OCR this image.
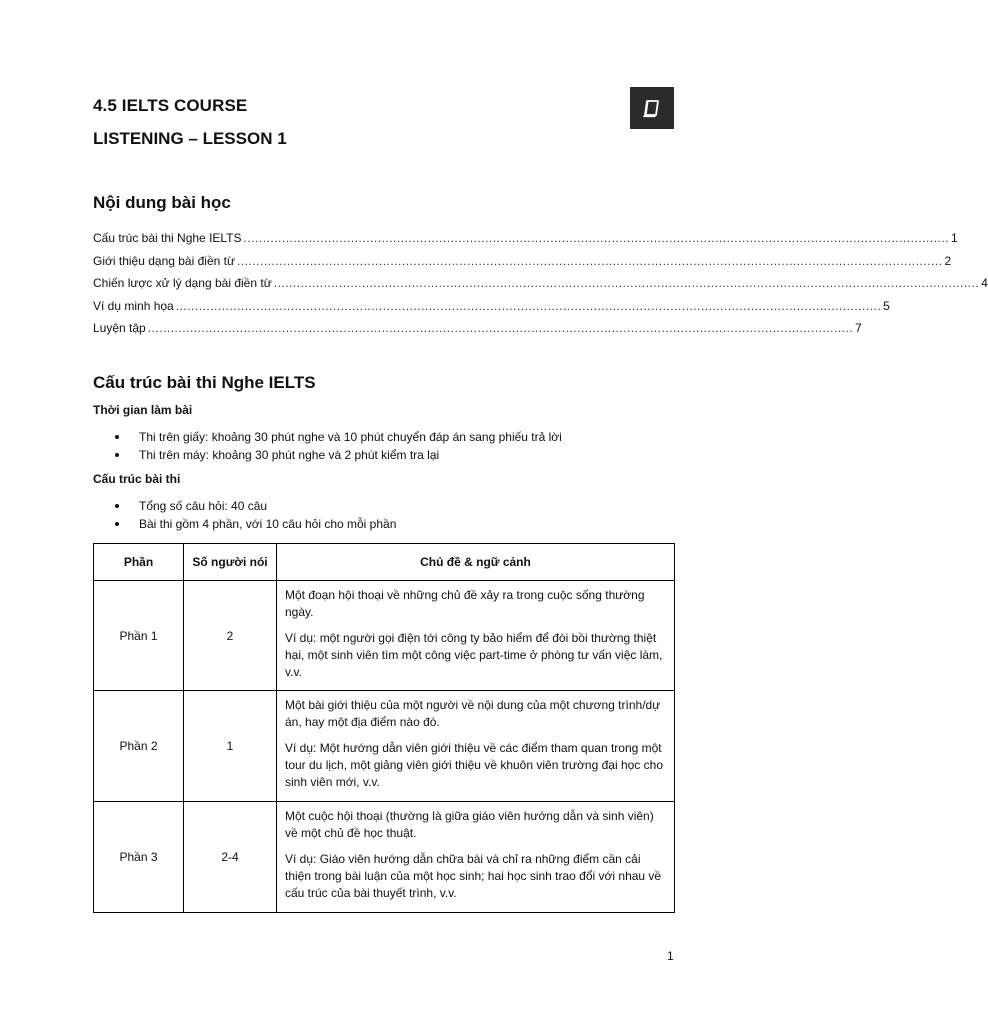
4.5 IELTS COURSE
LISTENING – LESSON 1
Nội dung bài học
Cấu trúc bài thi Nghe IELTS ........................................................................................................................................................................................ 1
Giới thiệu dạng bài điền từ ........................................................................................................................................................................................ 2
Chiến lược xử lý dạng bài điền từ ........................................................................................................................................................................................ 4
Ví dụ minh họa ........................................................................................................................................................................................ 5
Luyện tập ........................................................................................................................................................................................ 7
Cấu trúc bài thi Nghe IELTS
Thời gian làm bài
Thi trên giấy: khoảng 30 phút nghe và 10 phút chuyển đáp án sang phiếu trả lời
Thi trên máy: khoảng 30 phút nghe và 2 phút kiểm tra lại
Cấu trúc bài thi
Tổng số câu hỏi: 40 câu
Bài thi gồm 4 phần, với 10 câu hỏi cho mỗi phần
Phần	Số người nói	Chủ đề & ngữ cảnh
Phần 1	2	Một đoạn hội thoại về những chủ đề xảy ra trong cuộc sống thường ngày.

Ví dụ: một người gọi điện tới công ty bảo hiểm để đòi bồi thường thiệt hại, một sinh viên tìm một công việc part-time ở phòng tư vấn việc làm, v.v.

Phần 2	1	Một bài giới thiệu của một người về nội dung của một chương trình/dự án, hay một địa điểm nào đó.

Ví dụ: Một hướng dẫn viên giới thiệu về các điểm tham quan trong một tour du lịch, một giảng viên giới thiệu về khuôn viên trường đại học cho sinh viên mới, v.v.

Phần 3	2-4	Một cuộc hội thoại (thường là giữa giáo viên hướng dẫn và sinh viên) về một chủ đề học thuật.

Ví dụ: Giáo viên hướng dẫn chữa bài và chỉ ra những điểm cần cải thiện trong bài luận của một học sinh; hai học sinh trao đổi với nhau về cấu trúc của bài thuyết trình, v.v.

1
